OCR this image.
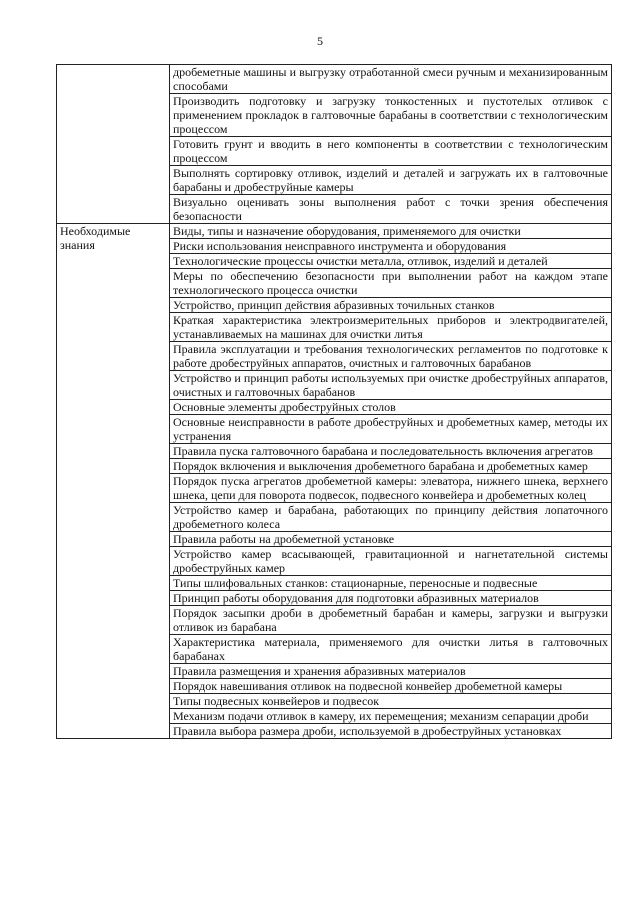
5
	дробеметные машины и выгрузку отработанной смеси ручным и механизированным способами
	Производить подготовку и загрузку тонкостенных и пустотелых отливок с применением прокладок в галтовочные барабаны в соответствии с технологическим процессом
	Готовить грунт и вводить в него компоненты в соответствии с технологическим процессом
	Выполнять сортировку отливок, изделий и деталей и загружать их в галтовочные барабаны и дробеструйные камеры
	Визуально оценивать зоны выполнения работ с точки зрения обеспечения безопасности
Необходимые знания	Виды, типы и назначение оборудования, применяемого для очистки
	Риски использования неисправного инструмента и оборудования
	Технологические процессы очистки металла, отливок, изделий и деталей
	Меры по обеспечению безопасности при выполнении работ на каждом этапе технологического процесса очистки
	Устройство, принцип действия абразивных точильных станков
	Краткая характеристика электроизмерительных приборов и электродвигателей, устанавливаемых на машинах для очистки литья
	Правила эксплуатации и требования технологических регламентов по подготовке к работе дробеструйных аппаратов, очистных и галтовочных барабанов
	Устройство и принцип работы используемых при очистке дробеструйных аппаратов, очистных и галтовочных барабанов
	Основные элементы дробеструйных столов
	Основные неисправности в работе дробеструйных и дробеметных камер, методы их устранения
	Правила пуска галтовочного барабана и последовательность включения агрегатов
	Порядок включения и выключения дробеметного барабана и дробеметных камер
	Порядок пуска агрегатов дробеметной камеры: элеватора, нижнего шнека, верхнего шнека, цепи для поворота подвесок, подвесного конвейера и дробеметных колец
	Устройство камер и барабана, работающих по принципу действия лопаточного дробеметного колеса
	Правила работы на дробеметной установке
	Устройство камер всасывающей, гравитационной и нагнетательной системы дробеструйных камер
	Типы шлифовальных станков: стационарные, переносные и подвесные
	Принцип работы оборудования для подготовки абразивных материалов
	Порядок засыпки дроби в дробеметный барабан и камеры, загрузки и выгрузки отливок из барабана
	Характеристика материала, применяемого для очистки литья в галтовочных барабанах
	Правила размещения и хранения абразивных материалов
	Порядок навешивания отливок на подвесной конвейер дробеметной камеры
	Типы подвесных конвейеров и подвесок
	Механизм подачи отливок в камеру, их перемещения; механизм сепарации дроби
	Правила выбора размера дроби, используемой в дробеструйных установках
